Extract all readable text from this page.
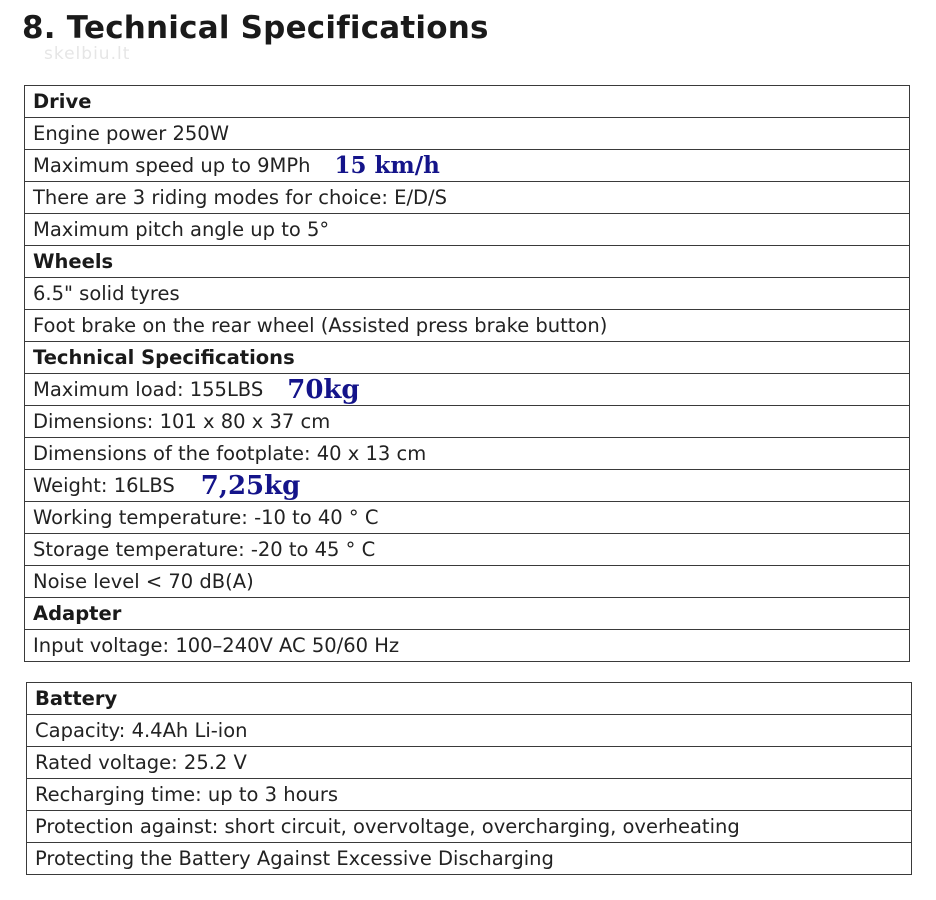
8. Technical Specifications
skelbiu.lt
Drive
Engine power 250W
Maximum speed up to 9MPh 15 km/h
There are 3 riding modes for choice: E/D/S
Maximum pitch angle up to 5°
Wheels
6.5" solid tyres
Foot brake on the rear wheel (Assisted press brake button)
Technical Specifications
Maximum load: 155LBS 70kg
Dimensions: 101 x 80 x 37 cm
Dimensions of the footplate: 40 x 13 cm
Weight: 16LBS 7,25kg
Working temperature: -10 to 40 ° C
Storage temperature: -20 to 45 ° C
Noise level < 70 dB(A)
Adapter
Input voltage: 100–240V AC 50/60 Hz
Battery
Capacity: 4.4Ah Li-ion
Rated voltage: 25.2 V
Recharging time: up to 3 hours
Protection against: short circuit, overvoltage, overcharging, overheating
Protecting the Battery Against Excessive Discharging
